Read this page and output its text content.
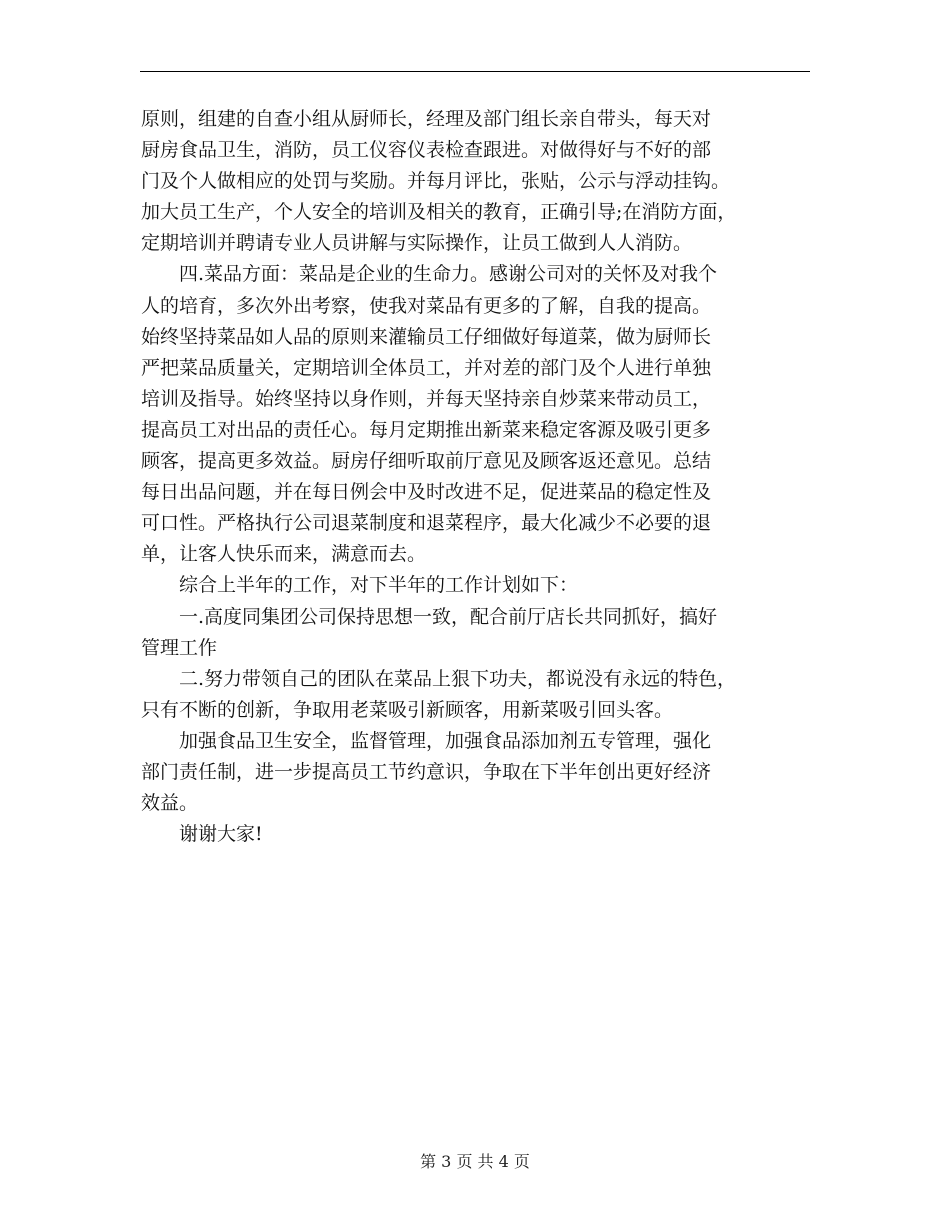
原则，组建的自查小组从厨师长，经理及部门组长亲自带头，每天对
厨房食品卫生，消防，员工仪容仪表检查跟进。对做得好与不好的部
门及个人做相应的处罚与奖励。并每月评比，张贴，公示与浮动挂钩。
加大员工生产，个人安全的培训及相关的教育，正确引导;在消防方面，
定期培训并聘请专业人员讲解与实际操作，让员工做到人人消防。
四.菜品方面：菜品是企业的生命力。感谢公司对的关怀及对我个
人的培育，多次外出考察，使我对菜品有更多的了解，自我的提高。
始终坚持菜品如人品的原则来灌输员工仔细做好每道菜，做为厨师长
严把菜品质量关，定期培训全体员工，并对差的部门及个人进行单独
培训及指导。始终坚持以身作则，并每天坚持亲自炒菜来带动员工，
提高员工对出品的责任心。每月定期推出新菜来稳定客源及吸引更多
顾客，提高更多效益。厨房仔细听取前厅意见及顾客返还意见。总结
每日出品问题，并在每日例会中及时改进不足，促进菜品的稳定性及
可口性。严格执行公司退菜制度和退菜程序，最大化减少不必要的退
单，让客人快乐而来，满意而去。
综合上半年的工作，对下半年的工作计划如下：
一.高度同集团公司保持思想一致，配合前厅店长共同抓好，搞好
管理工作
二.努力带领自己的团队在菜品上狠下功夫，都说没有永远的特色，
只有不断的创新，争取用老菜吸引新顾客，用新菜吸引回头客。
加强食品卫生安全，监督管理，加强食品添加剂五专管理，强化
部门责任制，进一步提高员工节约意识，争取在下半年创出更好经济
效益。
谢谢大家!
第 3 页 共 4 页
